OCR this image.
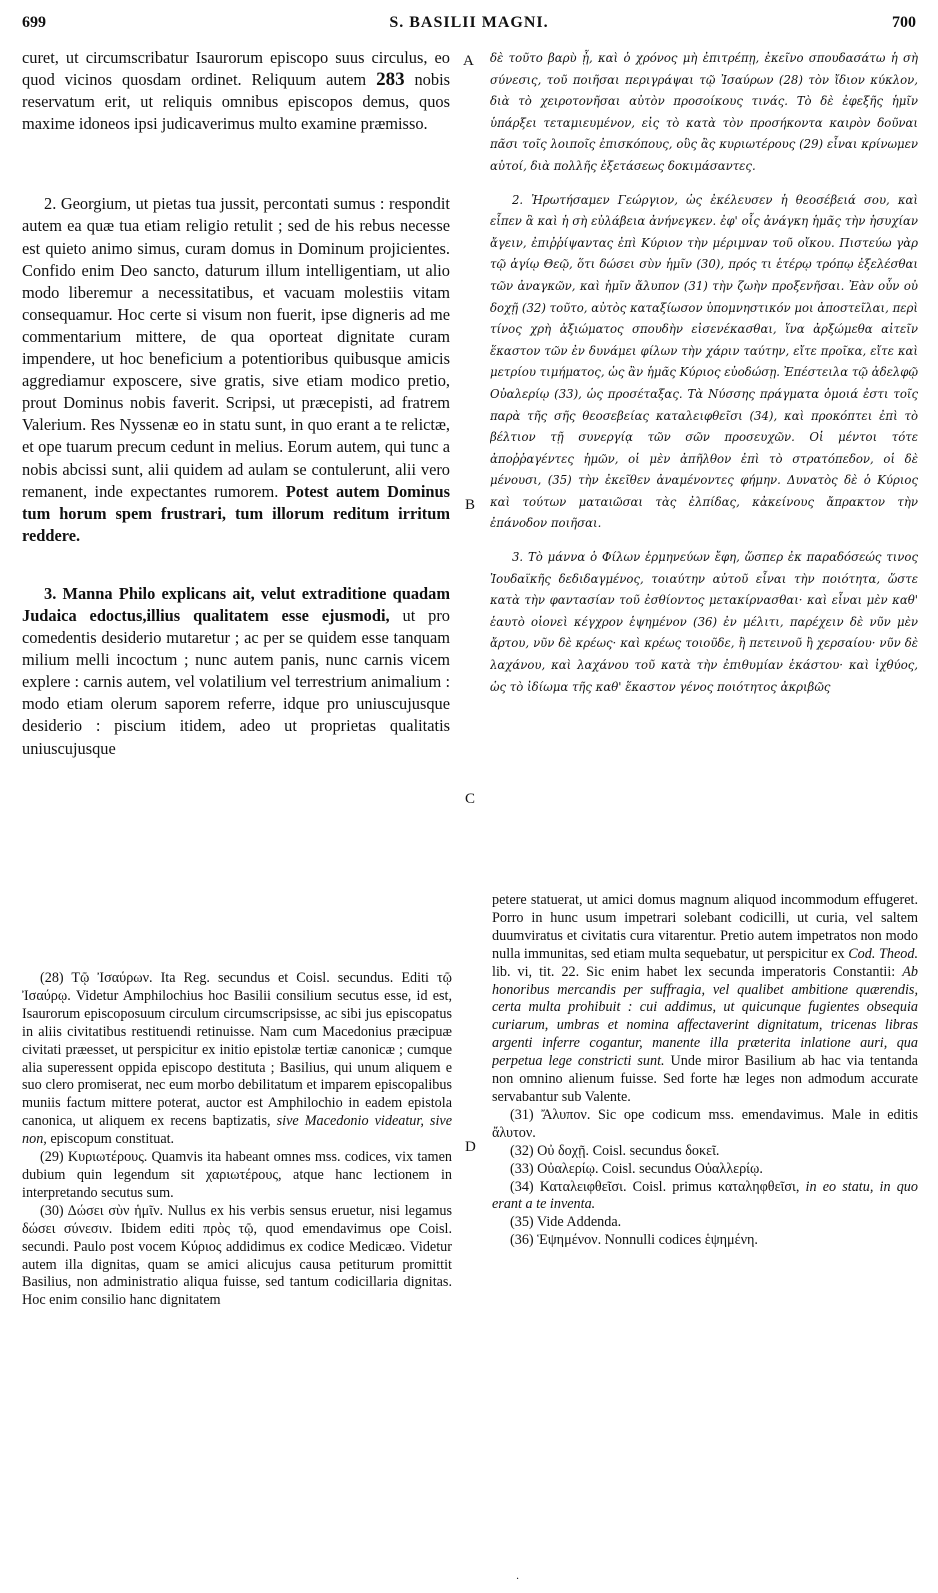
699	S. BASILII MAGNI.	700
A
B
C
D

curet, ut circumscribatur Isaurorum episcopo suus circulus, eo quod vicinos quosdam ordinet. Reliquum autem 283 nobis reservatum erit, ut reliquis omnibus episcopos demus, quos maxime idoneos ipsi judicaverimus multo examine præmisso.

2. Georgium, ut pietas tua jussit, percontati sumus : respondit autem ea quæ tua etiam religio retulit ; sed de his rebus necesse est quieto animo simus, curam domus in Dominum projicientes. Confido enim Deo sancto, daturum illum intelligentiam, ut alio modo liberemur a necessitatibus, et vacuam molestiis vitam consequamur. Hoc certe si visum non fuerit, ipse digneris ad me commentarium mittere, de qua oporteat dignitate curam impendere, ut hoc beneficium a potentioribus quibusque amicis aggrediamur exposcere, sive gratis, sive etiam modico pretio, prout Dominus nobis faverit. Scripsi, ut præcepisti, ad fratrem Valerium. Res Nyssenæ eo in statu sunt, in quo erant a te relictæ, et ope tuarum precum cedunt in melius. Eorum autem, qui tunc a nobis abcissi sunt, alii quidem ad aulam se contulerunt, alii vero remanent, inde expectantes rumorem. Potest autem Dominus tum horum spem frustrari, tum illorum reditum irritum reddere.

3. Manna Philo explicans ait, velut extraditione quadam Judaica edoctus,illius qualitatem esse ejusmodi, ut pro comedentis desiderio mutaretur ; ac per se quidem esse tanquam milium melli incoctum ; nunc autem panis, nunc carnis vicem explere : carnis autem, vel volatilium vel terrestrium animalium : modo etiam olerum saporem referre, idque pro uniuscujusque desiderio : piscium itidem, adeo ut proprietas qualitatis uniuscujusque

δὲ τοῦτο βαρὺ ᾖ, καὶ ὁ χρόνος μὴ ἐπιτρέπῃ, ἐκεῖνο σπουδασάτω ἡ σὴ σύνεσις, τοῦ ποιῆσαι περιγράψαι τῷ Ἰσαύρων (28) τὸν ἴδιον κύκλον, διὰ τὸ χειροτονῆσαι αὐτὸν προσοίκους τινάς. Τὸ δὲ ἐφεξῆς ἡμῖν ὑπάρξει τεταμιευμένον, εἰς τὸ κατὰ τὸν προσήκοντα καιρὸν δοῦναι πᾶσι τοῖς λοιποῖς ἐπισκόπους, οὓς ἂς κυριωτέρους (29) εἶναι κρίνωμεν αὐτοί, διὰ πολλῆς ἐξετάσεως δοκιμάσαντες.

2. Ἠρωτήσαμεν Γεώργιον, ὡς ἐκέλευσεν ἡ θεοσέβειά σου, καὶ εἶπεν ἃ καὶ ἡ σὴ εὐλάβεια ἀνήνεγκεν. ἐφ' οἷς ἀνάγκη ἡμᾶς τὴν ἡσυχίαν ἄγειν, ἐπιῤῥίψαντας ἐπὶ Κύριον τὴν μέριμναν τοῦ οἴκου. Πιστεύω γὰρ τῷ ἁγίῳ Θεῷ, ὅτι δώσει σὺν ἡμῖν (30), πρός τι ἑτέρῳ τρόπῳ ἐξελέσθαι τῶν ἀναγκῶν, καὶ ἡμῖν ἄλυπον (31) τὴν ζωὴν προξενῆσαι. Ἐὰν οὖν οὐ δοχῇ (32) τοῦτο, αὐτὸς καταξίωσον ὑπομνηστικόν μοι ἀποστεῖλαι, περὶ τίνος χρὴ ἀξιώματος σπουδὴν εἰσενέκασθαι, ἵνα ἀρξώμεθα αἰτεῖν ἕκαστον τῶν ἐν δυνάμει φίλων τὴν χάριν ταύτην, εἴτε προῖκα, εἴτε καὶ μετρίου τιμήματος, ὡς ἂν ἡμᾶς Κύριος εὐοδώσῃ. Ἐπέστειλα τῷ ἀδελφῷ Οὐαλερίῳ (33), ὡς προσέταξας. Τὰ Νύσσης πράγματα ὁμοιά ἐστι τοῖς παρὰ τῆς σῆς θεοσεβείας καταλειφθεῖσι (34), καὶ προκόπτει ἐπὶ τὸ βέλτιον τῇ συνεργίᾳ τῶν σῶν προσευχῶν. Οἱ μέντοι τότε ἀποῤῥαγέντες ἡμῶν, οἱ μὲν ἀπῆλθον ἐπὶ τὸ στρατόπεδον, οἱ δὲ μένουσι, (35) τὴν ἐκεῖθεν ἀναμένοντες φήμην. Δυνατὸς δὲ ὁ Κύριος καὶ τούτων ματαιῶσαι τὰς ἐλπίδας, κἀκείνους ἄπρακτον τὴν ἐπάνοδον ποιῆσαι.

3. Τὸ μάννα ὁ Φίλων ἑρμηνεύων ἔφη, ὥσπερ ἐκ παραδόσεώς τινος Ἰουδαϊκῆς δεδιδαγμένος, τοιαύτην αὐτοῦ εἶναι τὴν ποιότητα, ὥστε κατὰ τὴν φαντασίαν τοῦ ἐσθίοντος μετακίρνασθαι· καὶ εἶναι μὲν καθ' ἑαυτὸ οἱονεὶ κέγχρον ἑψημένον (36) ἐν μέλιτι, παρέχειν δὲ νῦν μὲν ἄρτου, νῦν δὲ κρέως· καὶ κρέως τοιοῦδε, ἢ πετεινοῦ ἢ χερσαίου· νῦν δὲ λαχάνου, καὶ λαχάνου τοῦ κατὰ τὴν ἐπιθυμίαν ἑκάστου· καὶ ἰχθύος, ὡς τὸ ἰδίωμα τῆς καθ' ἕκαστον γένος ποιότητος ἀκριβῶς

(28) Τῷ Ἰσαύρων. Ita Reg. secundus et Coisl. secundus. Editi τῷ Ἰσαύρῳ. Videtur Amphilochius hoc Basilii consilium secutus esse, id est, Isaurorum episcoposuum circulum circumscripsisse, ac sibi jus episcopatus in aliis civitatibus restituendi retinuisse. Nam cum Macedonius præcipuæ civitati præesset, ut perspicitur ex initio epistolæ tertiæ canonicæ ; cumque alia superessent oppida episcopo destituta ; Basilius, qui unum aliquem e suo clero promiserat, nec eum morbo debilitatum et imparem episcopalibus muniis factum mittere poterat, auctor est Amphilochio in eadem epistola canonica, ut aliquem ex recens baptizatis, sive Macedonio videatur, sive non, episcopum constituat.

(29) Κυριωτέρους. Quamvis ita habeant omnes mss. codices, vix tamen dubium quin legendum sit χαριωτέρους, atque hanc lectionem in interpretando secutus sum.

(30) Δώσει σὺν ἡμῖν. Nullus ex his verbis sensus eruetur, nisi legamus δώσει σύνεσιν. Ibidem editi πρὸς τῷ, quod emendavimus ope Coisl. secundi. Paulo post vocem Κύριος addidimus ex codice Medicæo. Videtur autem illa dignitas, quam se amici alicujus causa petiturum promittit Basilius, non administratio aliqua fuisse, sed tantum codicillaria dignitas. Hoc enim consilio hanc dignitatem

petere statuerat, ut amici domus magnum aliquod incommodum effugeret. Porro in hunc usum impetrari solebant codicilli, ut curia, vel saltem duumviratus et civitatis cura vitarentur. Pretio autem impetratos non modo nulla immunitas, sed etiam multa sequebatur, ut perspicitur ex Cod. Theod. lib. vi, tit. 22. Sic enim habet lex secunda imperatoris Constantii: Ab honoribus mercandis per suffragia, vel qualibet ambitione quærendis, certa multa prohibuit : cui addimus, ut quicunque fugientes obsequia curiarum, umbras et nomina affectaverint dignitatum, tricenas libras argenti inferre cogantur, manente illa præterita inlatione auri, qua perpetua lege constricti sunt. Unde miror Basilium ab hac via tentanda non omnino alienum fuisse. Sed forte hæ leges non admodum accurate servabantur sub Valente.

(31) Ἄλυπον. Sic ope codicum mss. emendavimus. Male in editis ἄλυτον.

(32) Οὐ δοχῇ. Coisl. secundus δοκεῖ.

(33) Οὐαλερίῳ. Coisl. secundus Οὐαλλερίῳ.

(34) Καταλειφθεῖσι. Coisl. primus καταληφθεῖσι, in eo statu, in quo erant a te inventa.

(35) Vide Addenda.

(36) Ἑψημένον. Nonnulli codices ἑψημένη.

·
